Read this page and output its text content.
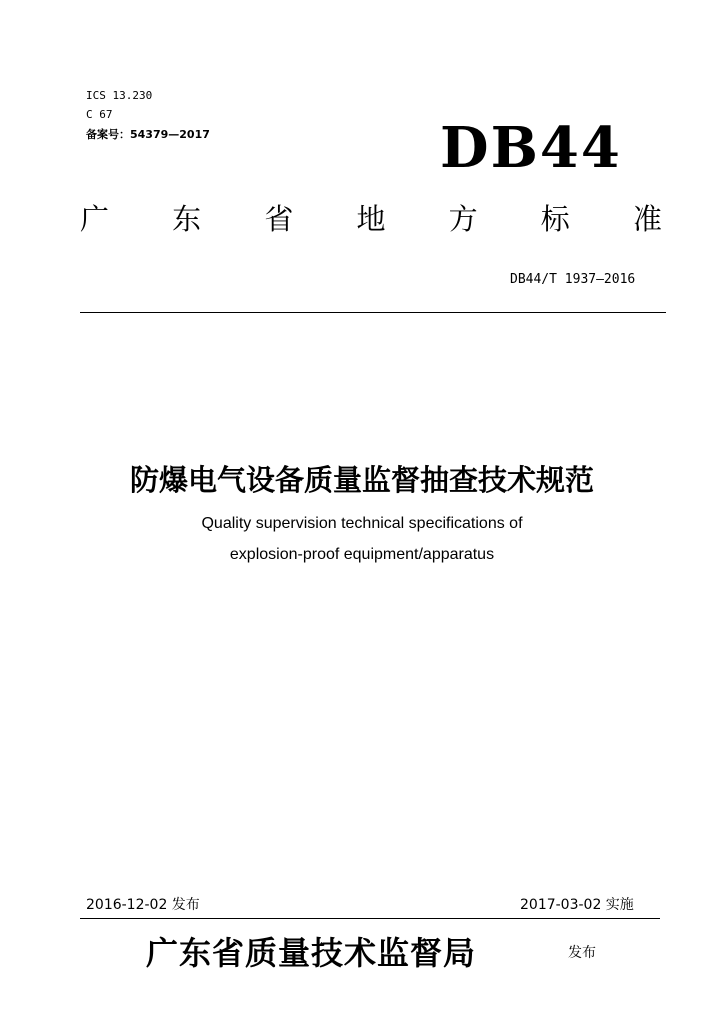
ICS 13.230
C 67
备案号：54379—2017	DB44
广 东 省 地 方 标 准
DB44/T 1937—2016
防爆电气设备质量监督抽查技术规范
Quality supervision technical specifications of
explosion-proof equipment/apparatus
2016-12-02 发布	2017-03-02 实施
广东省质量技术监督局	发布
